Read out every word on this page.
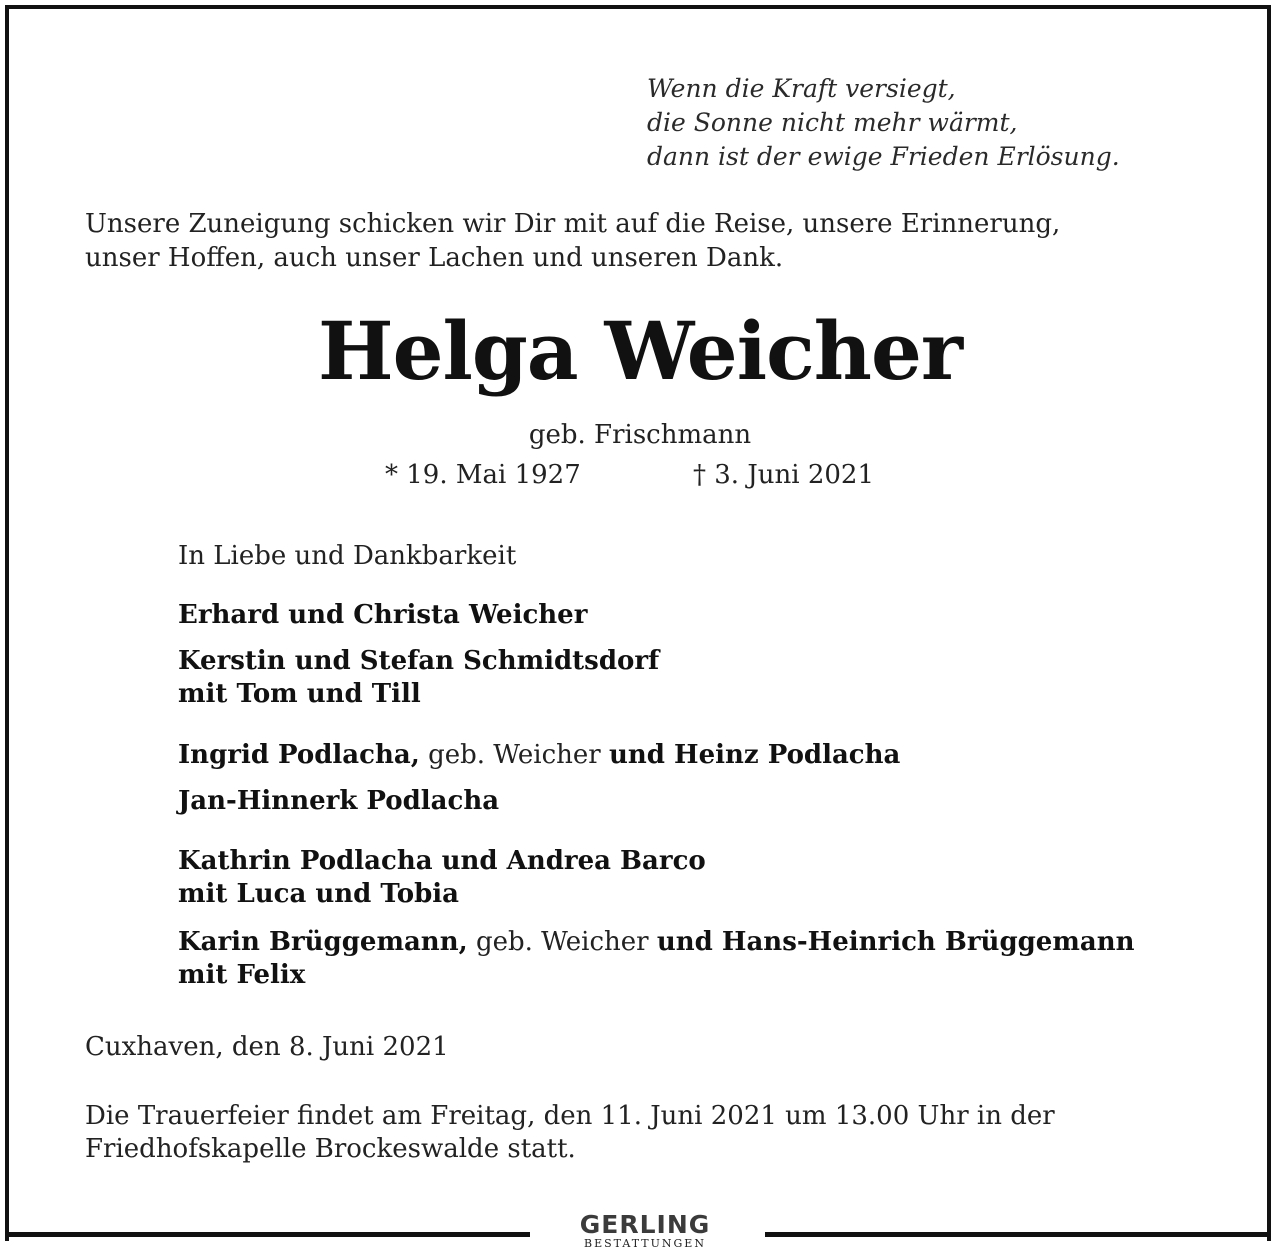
Wenn die Kraft versiegt,
die Sonne nicht mehr wärmt,
dann ist der ewige Frieden Erlösung.
Unsere Zuneigung schicken wir Dir mit auf die Reise, unsere Erinnerung,
unser Hoffen, auch unser Lachen und unseren Dank.
Helga Weicher
geb. Frischmann
* 19. Mai 1927	† 3. Juni 2021
In Liebe und Dankbarkeit
Erhard und Christa Weicher
Kerstin und Stefan Schmidtsdorf
mit Tom und Till
Ingrid Podlacha, geb. Weicher und Heinz Podlacha
Jan-Hinnerk Podlacha
Kathrin Podlacha und Andrea Barco
mit Luca und Tobia
Karin Brüggemann, geb. Weicher und Hans-Heinrich Brüggemann
mit Felix
Cuxhaven, den 8. Juni 2021
Die Trauerfeier findet am Freitag, den 11. Juni 2021 um 13.00 Uhr in der
Friedhofskapelle Brockeswalde statt.
GERLING
BESTATTUNGEN
